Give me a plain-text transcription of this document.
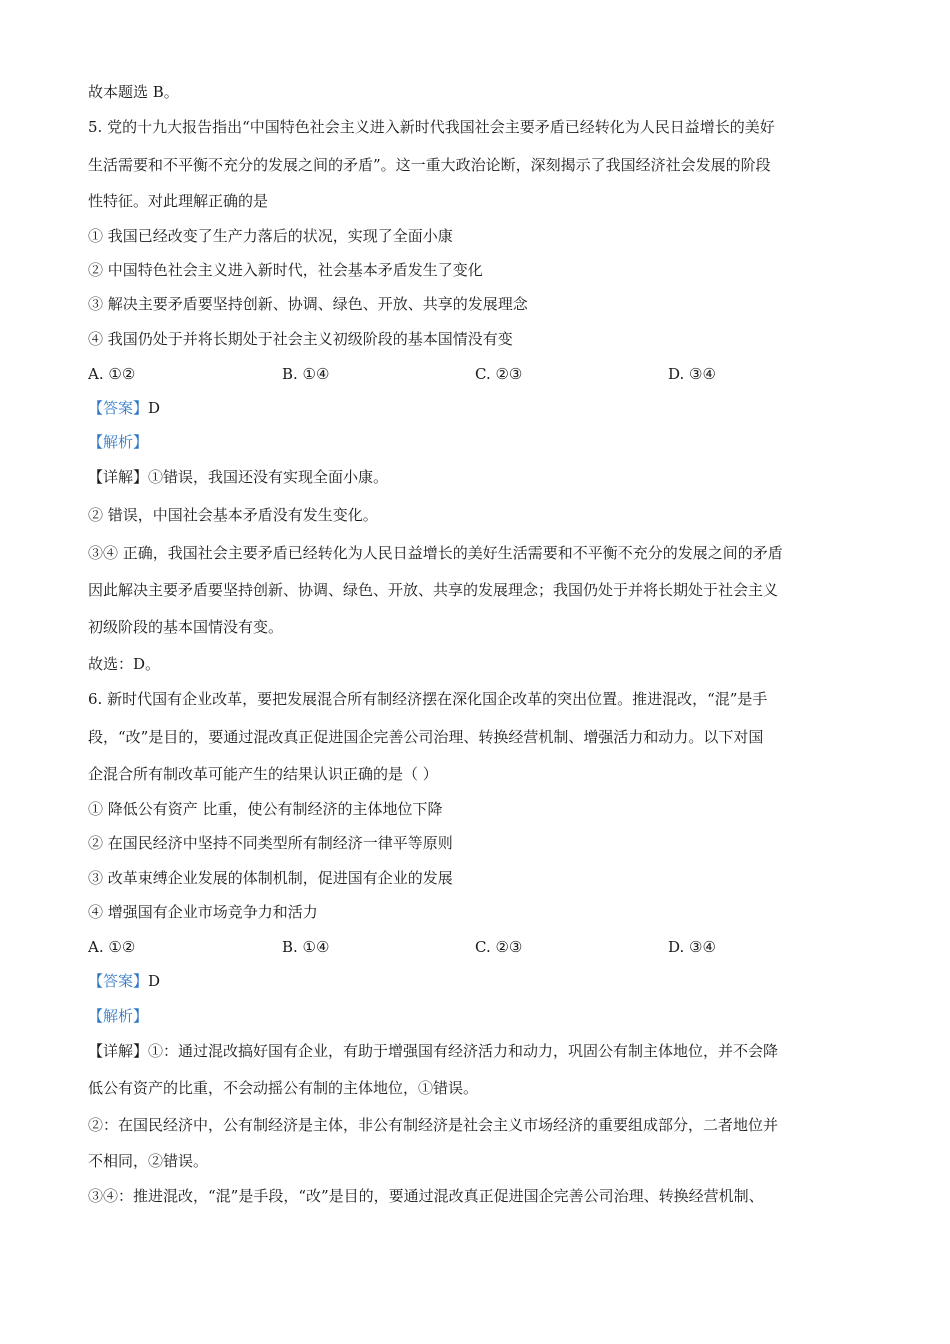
故本题选 B。
5. 党的十九大报告指出“中国特色社会主义进入新时代我国社会主要矛盾已经转化为人民日益增长的美好
生活需要和不平衡不充分的发展之间的矛盾”。这一重大政治论断，深刻揭示了我国经济社会发展的阶段
性特征。对此理解正确的是
① 我国已经改变了生产力落后的状况，实现了全面小康
② 中国特色社会主义进入新时代，社会基本矛盾发生了变化
③ 解决主要矛盾要坚持创新、协调、绿色、开放、共享的发展理念
④ 我国仍处于并将长期处于社会主义初级阶段的基本国情没有变
A. ①②	B. ①④	C. ②③	D. ③④
【答案】D
【解析】
【详解】①错误，我国还没有实现全面小康。
② 错误，中国社会基本矛盾没有发生变化。
③④ 正确，我国社会主要矛盾已经转化为人民日益增长的美好生活需要和不平衡不充分的发展之间的矛盾
因此解决主要矛盾要坚持创新、协调、绿色、开放、共享的发展理念；我国仍处于并将长期处于社会主义
初级阶段的基本国情没有变。
故选：D。
6. 新时代国有企业改革，要把发展混合所有制经济摆在深化国企改革的突出位置。推进混改，“混”是手
段，“改”是目的，要通过混改真正促进国企完善公司治理、转换经营机制、增强活力和动力。以下对国
企混合所有制改革可能产生的结果认识正确的是（ ）
① 降低公有资产 比重，使公有制经济的主体地位下降
② 在国民经济中坚持不同类型所有制经济一律平等原则
③ 改革束缚企业发展的体制机制，促进国有企业的发展
④ 增强国有企业市场竞争力和活力
A. ①②	B. ①④	C. ②③	D. ③④
【答案】D
【解析】
【详解】①：通过混改搞好国有企业，有助于增强国有经济活力和动力，巩固公有制主体地位，并不会降
低公有资产的比重，不会动摇公有制的主体地位，①错误。
②：在国民经济中，公有制经济是主体，非公有制经济是社会主义市场经济的重要组成部分，二者地位并
不相同，②错误。
③④：推进混改，“混”是手段，“改”是目的，要通过混改真正促进国企完善公司治理、转换经营机制、
